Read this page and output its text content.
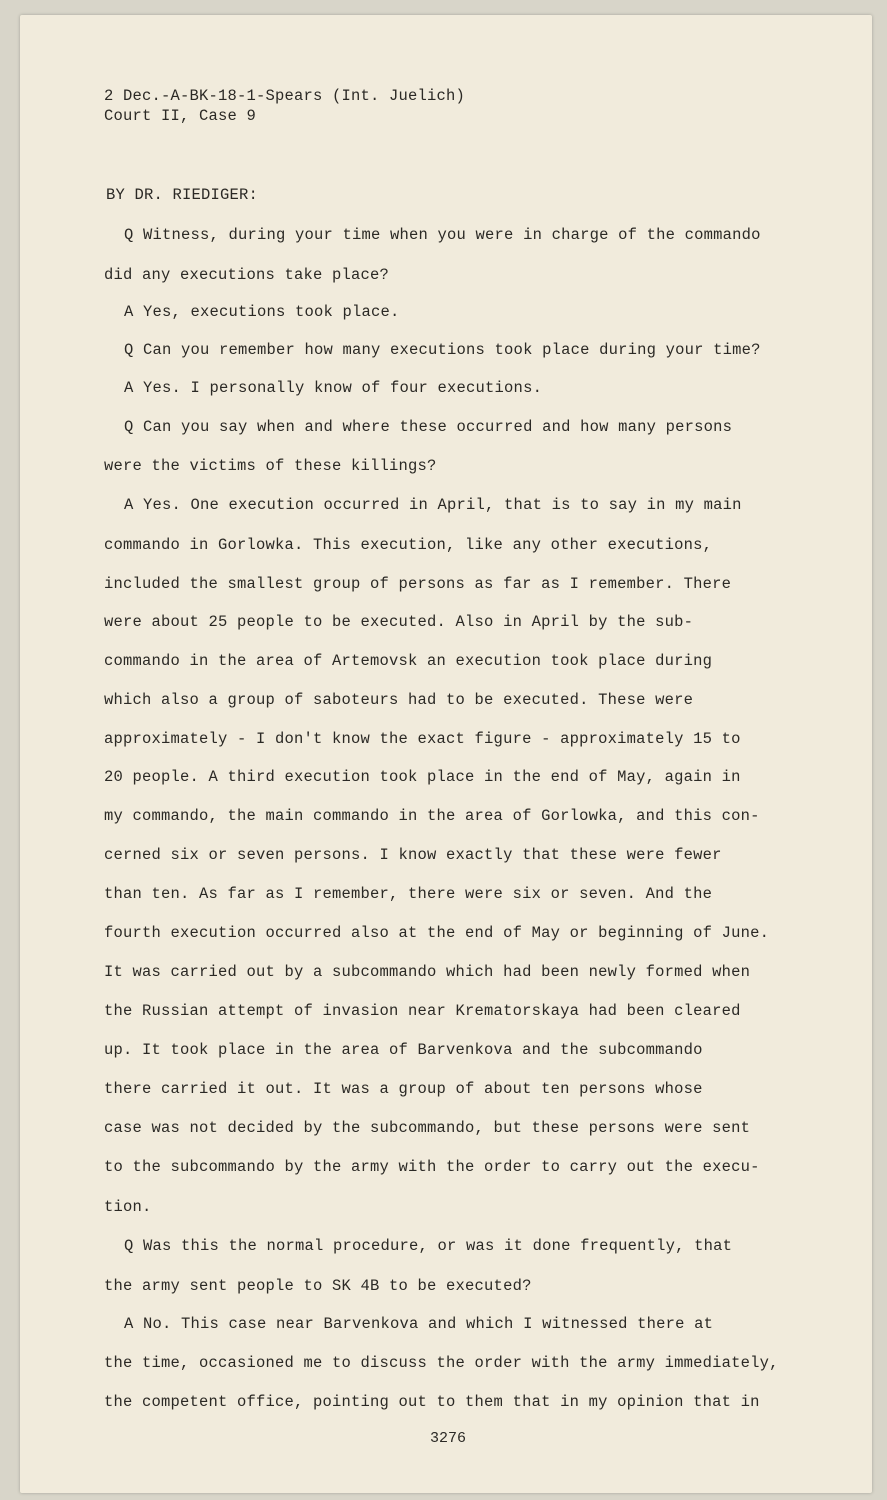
2 Dec.-A-BK-18-1-Spears (Int. Juelich)
Court II, Case 9
BY DR. RIEDIGER:
Q Witness, during your time when you were in charge of the commando
did any executions take place?
A Yes, executions took place.
Q Can you remember how many executions took place during your time?
A Yes. I personally know of four executions.
Q Can you say when and where these occurred and how many persons
were the victims of these killings?
A Yes. One execution occurred in April, that is to say in my main
commando in Gorlowka. This execution, like any other executions,
included the smallest group of persons as far as I remember. There
were about 25 people to be executed. Also in April by the sub-
commando in the area of Artemovsk an execution took place during
which also a group of saboteurs had to be executed. These were
approximately - I don't know the exact figure - approximately 15 to
20 people. A third execution took place in the end of May, again in
my commando, the main commando in the area of Gorlowka, and this con-
cerned six or seven persons. I know exactly that these were fewer
than ten. As far as I remember, there were six or seven. And the
fourth execution occurred also at the end of May or beginning of June.
It was carried out by a subcommando which had been newly formed when
the Russian attempt of invasion near Krematorskaya had been cleared
up. It took place in the area of Barvenkova and the subcommando
there carried it out. It was a group of about ten persons whose
case was not decided by the subcommando, but these persons were sent
to the subcommando by the army with the order to carry out the execu-
tion.
Q Was this the normal procedure, or was it done frequently, that
the army sent people to SK 4B to be executed?
A No. This case near Barvenkova and which I witnessed there at
the time, occasioned me to discuss the order with the army immediately,
the competent office, pointing out to them that in my opinion that in
3276
